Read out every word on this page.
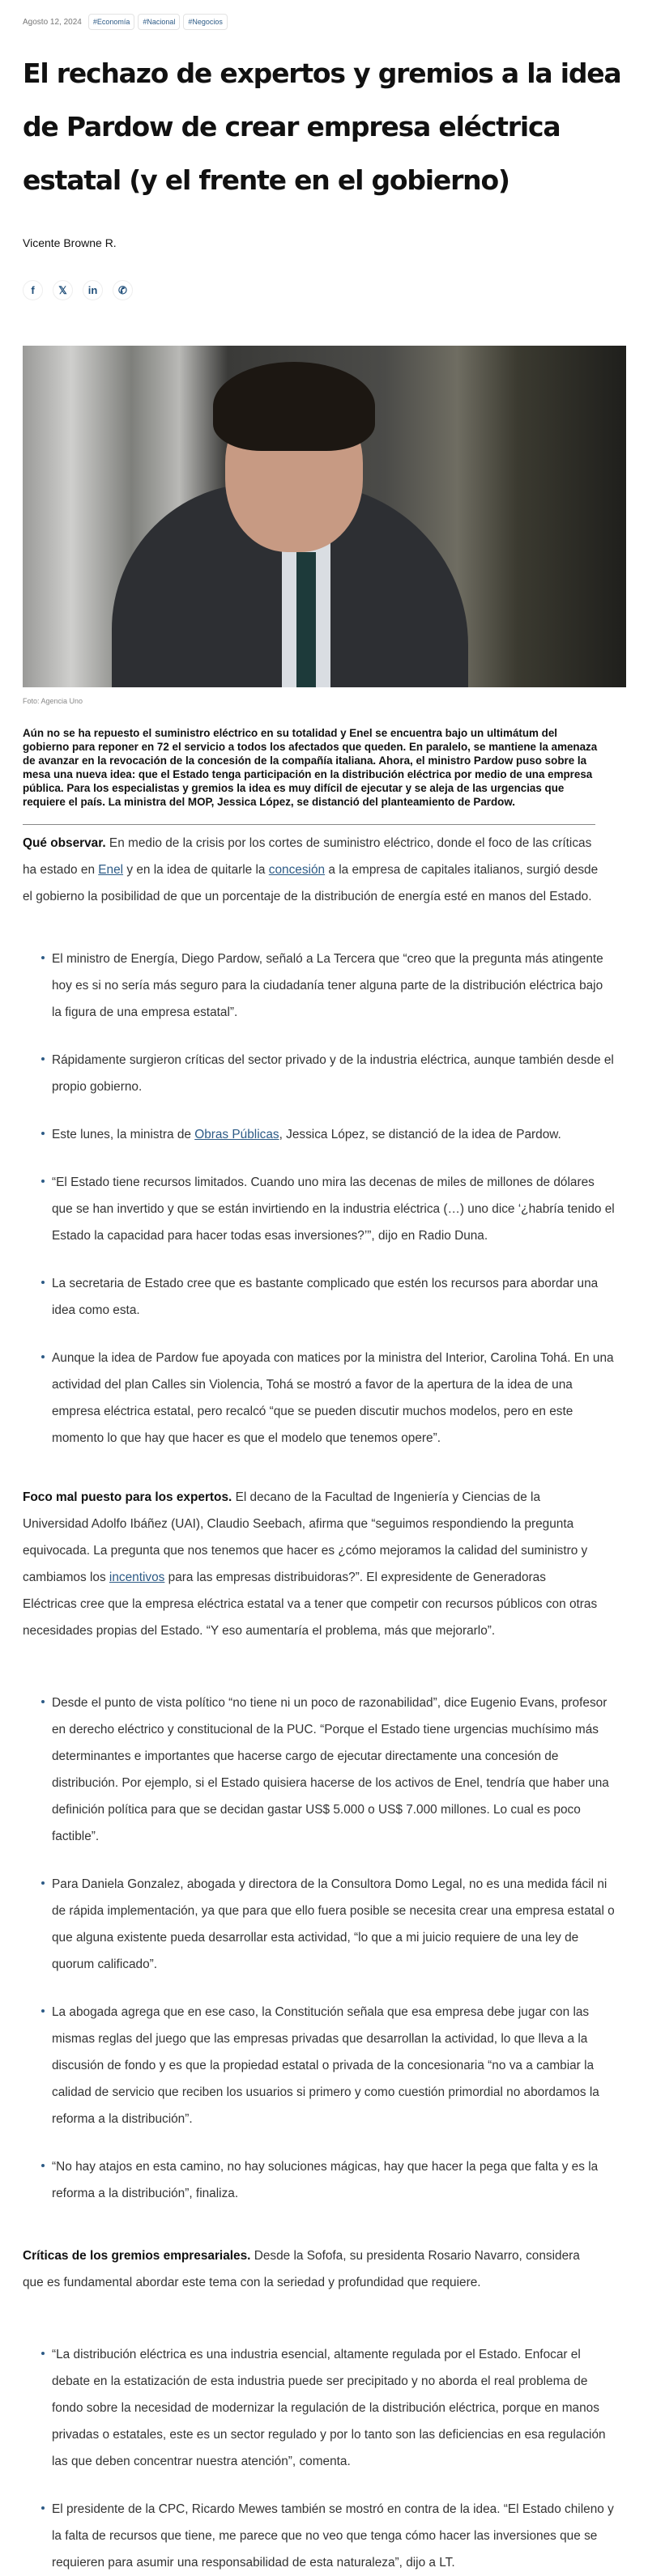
Agosto 12, 2024	#Economía	#Nacional	#Negocios
El rechazo de expertos y gremios a la idea de Pardow de crear empresa eléctrica estatal (y el frente en el gobierno)
Vicente Browne R.
f	𝕏	in	✆
Foto: Agencia Uno

Aún no se ha repuesto el suministro eléctrico en su totalidad y Enel se encuentra bajo un ultimátum del gobierno para reponer en 72 el servicio a todos los afectados que queden. En paralelo, se mantiene la amenaza de avanzar en la revocación de la concesión de la compañía italiana. Ahora, el ministro Pardow puso sobre la mesa una nueva idea: que el Estado tenga participación en la distribución eléctrica por medio de una empresa pública. Para los especialistas y gremios la idea es muy difícil de ejecutar y se aleja de las urgencias que requiere el país. La ministra del MOP, Jessica López, se distanció del planteamiento de Pardow.

Qué observar. En medio de la crisis por los cortes de suministro eléctrico, donde el foco de las críticas ha estado en Enel y en la idea de quitarle la concesión a la empresa de capitales italianos, surgió desde el gobierno la posibilidad de que un porcentaje de la distribución de energía esté en manos del Estado.

El ministro de Energía, Diego Pardow, señaló a La Tercera que “creo que la pregunta más atingente hoy es si no sería más seguro para la ciudadanía tener alguna parte de la distribución eléctrica bajo la figura de una empresa estatal”.
Rápidamente surgieron críticas del sector privado y de la industria eléctrica, aunque también desde el propio gobierno.
Este lunes, la ministra de Obras Públicas, Jessica López, se distanció de la idea de Pardow.
“El Estado tiene recursos limitados. Cuando uno mira las decenas de miles de millones de dólares que se han invertido y que se están invirtiendo en la industria eléctrica (…) uno dice ‘¿habría tenido el Estado la capacidad para hacer todas esas inversiones?’”, dijo en Radio Duna.
La secretaria de Estado cree que es bastante complicado que estén los recursos para abordar una idea como esta.
Aunque la idea de Pardow fue apoyada con matices por la ministra del Interior, Carolina Tohá. En una actividad del plan Calles sin Violencia, Tohá se mostró a favor de la apertura de la idea de una empresa eléctrica estatal, pero recalcó “que se pueden discutir muchos modelos, pero en este momento lo que hay que hacer es que el modelo que tenemos opere”.

Foco mal puesto para los expertos. El decano de la Facultad de Ingeniería y Ciencias de la Universidad Adolfo Ibáñez (UAI), Claudio Seebach, afirma que “seguimos respondiendo la pregunta equivocada. La pregunta que nos tenemos que hacer es ¿cómo mejoramos la calidad del suministro y cambiamos los incentivos para las empresas distribuidoras?”. El expresidente de Generadoras Eléctricas cree que la empresa eléctrica estatal va a tener que competir con recursos públicos con otras necesidades propias del Estado. “Y eso aumentaría el problema, más que mejorarlo”.

Desde el punto de vista político “no tiene ni un poco de razonabilidad”, dice Eugenio Evans, profesor en derecho eléctrico y constitucional de la PUC. “Porque el Estado tiene urgencias muchísimo más determinantes e importantes que hacerse cargo de ejecutar directamente una concesión de distribución. Por ejemplo, si el Estado quisiera hacerse de los activos de Enel, tendría que haber una definición política para que se decidan gastar US$ 5.000 o US$ 7.000 millones. Lo cual es poco factible”.
Para Daniela Gonzalez, abogada y directora de la Consultora Domo Legal, no es una medida fácil ni de rápida implementación, ya que para que ello fuera posible se necesita crear una empresa estatal o que alguna existente pueda desarrollar esta actividad, “lo que a mi juicio requiere de una ley de quorum calificado”.
La abogada agrega que en ese caso, la Constitución señala que esa empresa debe jugar con las mismas reglas del juego que las empresas privadas que desarrollan la actividad, lo que lleva a la discusión de fondo y es que la propiedad estatal o privada de la concesionaria “no va a cambiar la calidad de servicio que reciben los usuarios si primero y como cuestión primordial no abordamos la reforma a la distribución”.
“No hay atajos en esta camino, no hay soluciones mágicas, hay que hacer la pega que falta y es la reforma a la distribución”, finaliza.

Críticas de los gremios empresariales. Desde la Sofofa, su presidenta Rosario Navarro, considera que es fundamental abordar este tema con la seriedad y profundidad que requiere.

“La distribución eléctrica es una industria esencial, altamente regulada por el Estado. Enfocar el debate en la estatización de esta industria puede ser precipitado y no aborda el real problema de fondo sobre la necesidad de modernizar la regulación de la distribución eléctrica, porque en manos privadas o estatales, este es un sector regulado y por lo tanto son las deficiencias en esa regulación las que deben concentrar nuestra atención”, comenta.
El presidente de la CPC, Ricardo Mewes también se mostró en contra de la idea. “El Estado chileno y la falta de recursos que tiene, me parece que no veo que tenga cómo hacer las inversiones que se requieren para asumir una responsabilidad de esta naturaleza”, dijo a LT.
